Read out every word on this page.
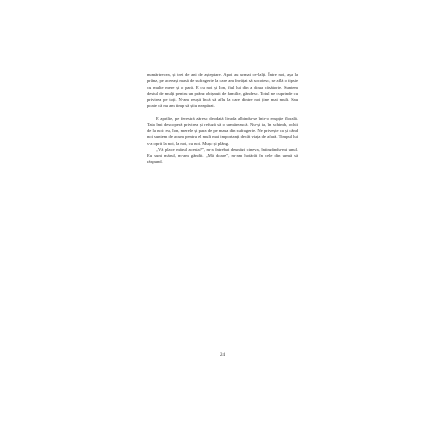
numărtrecea, și trei de ani de așteptare. Apoi au urmat ce-lalți. Între noi, așa la prânz, pe aceeași masă de sufragerie la care am învățat să socotesc, se află o tipsie cu multe mere și o pară. E cu noi și Ion, fiul lui din a doua căsătorie. Suntem destul de mulți pentru un prânz obișnuit de familie, gândesc. Totul ne cuprinde cu privirea pe toți. N-am reușit încă să aflu la care dintre noi ține mai mult. Sau poate că nu am timp să știu neapărat.

E aprilie, pe ferestră zăresc deodată livada albindu-se într-o erupție florală. Tata îmi descoperă privirea și refuză să o urmărească. Nu-și ia, în schimb, ochii de la noi: eu, Ion, merele și para de pe masa din sufragerie. Ne privește ca și când noi suntem de acum pentru el mult mai importanți decât viața de afară. Timpul lui s-a oprit la noi, la noi, cu noi. Mușc și plâng.

„Vă place mărul acesta?”, m-a întrebat deunăzi cineva, întinzându-mi unul. Eu sunt mărul, m-am gândit. „Mă doare”, m-am hotărât în cele din urmă să răspund.

24
